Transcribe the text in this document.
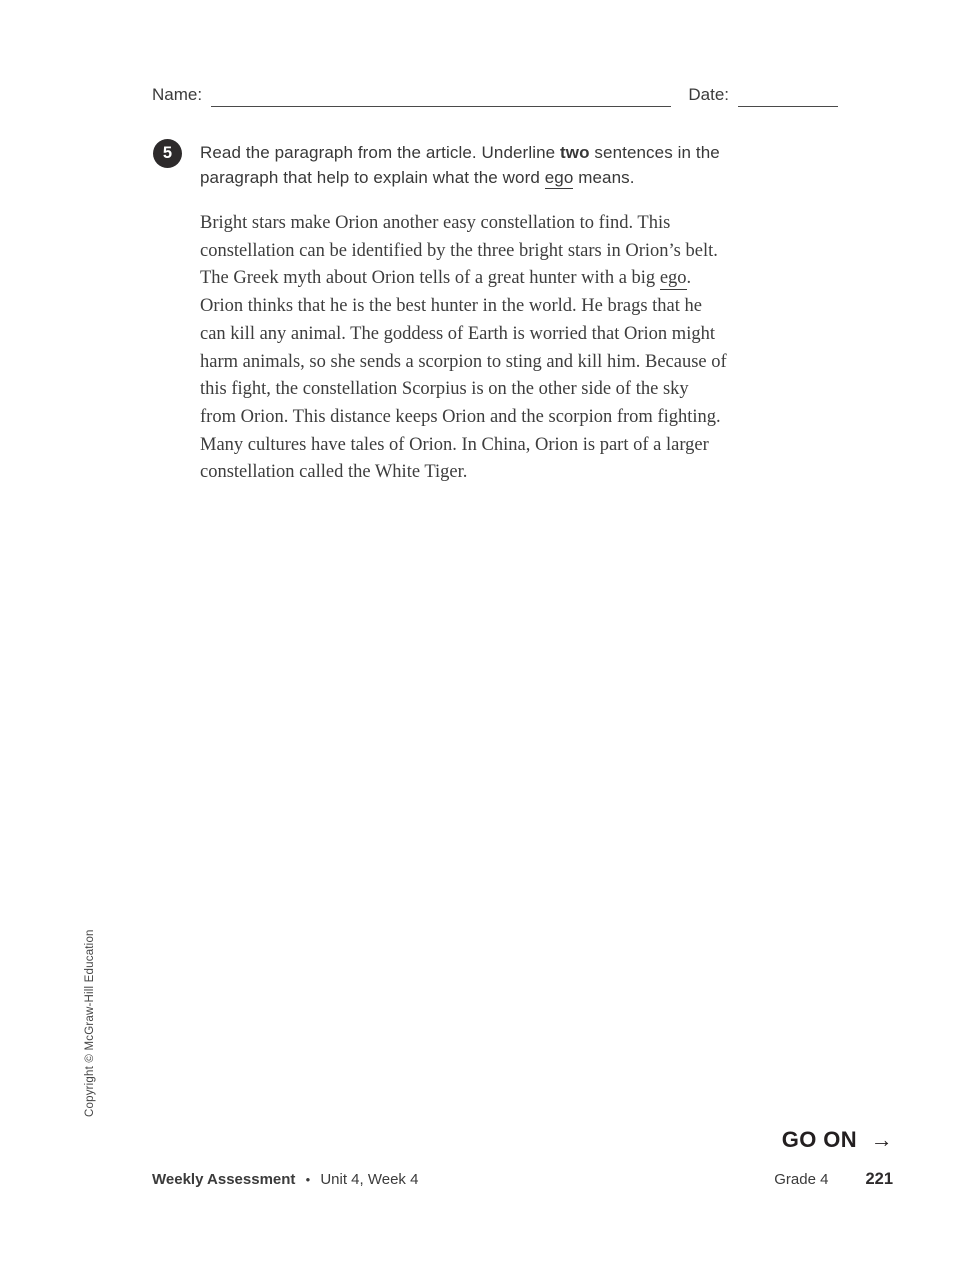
Name:	Date:
5 Read the paragraph from the article. Underline two sentences in the
paragraph that help to explain what the word ego means.
Bright stars make Orion another easy constellation to find. This
constellation can be identified by the three bright stars in Orion’s belt.
The Greek myth about Orion tells of a great hunter with a big ego.
Orion thinks that he is the best hunter in the world. He brags that he
can kill any animal. The goddess of Earth is worried that Orion might
harm animals, so she sends a scorpion to sting and kill him. Because of
this fight, the constellation Scorpius is on the other side of the sky
from Orion. This distance keeps Orion and the scorpion from fighting.
Many cultures have tales of Orion. In China, Orion is part of a larger
constellation called the White Tiger.
Copyright © McGraw-Hill Education
GO ON →
Weekly Assessment • Unit 4, Week 4	Grade 4 221
